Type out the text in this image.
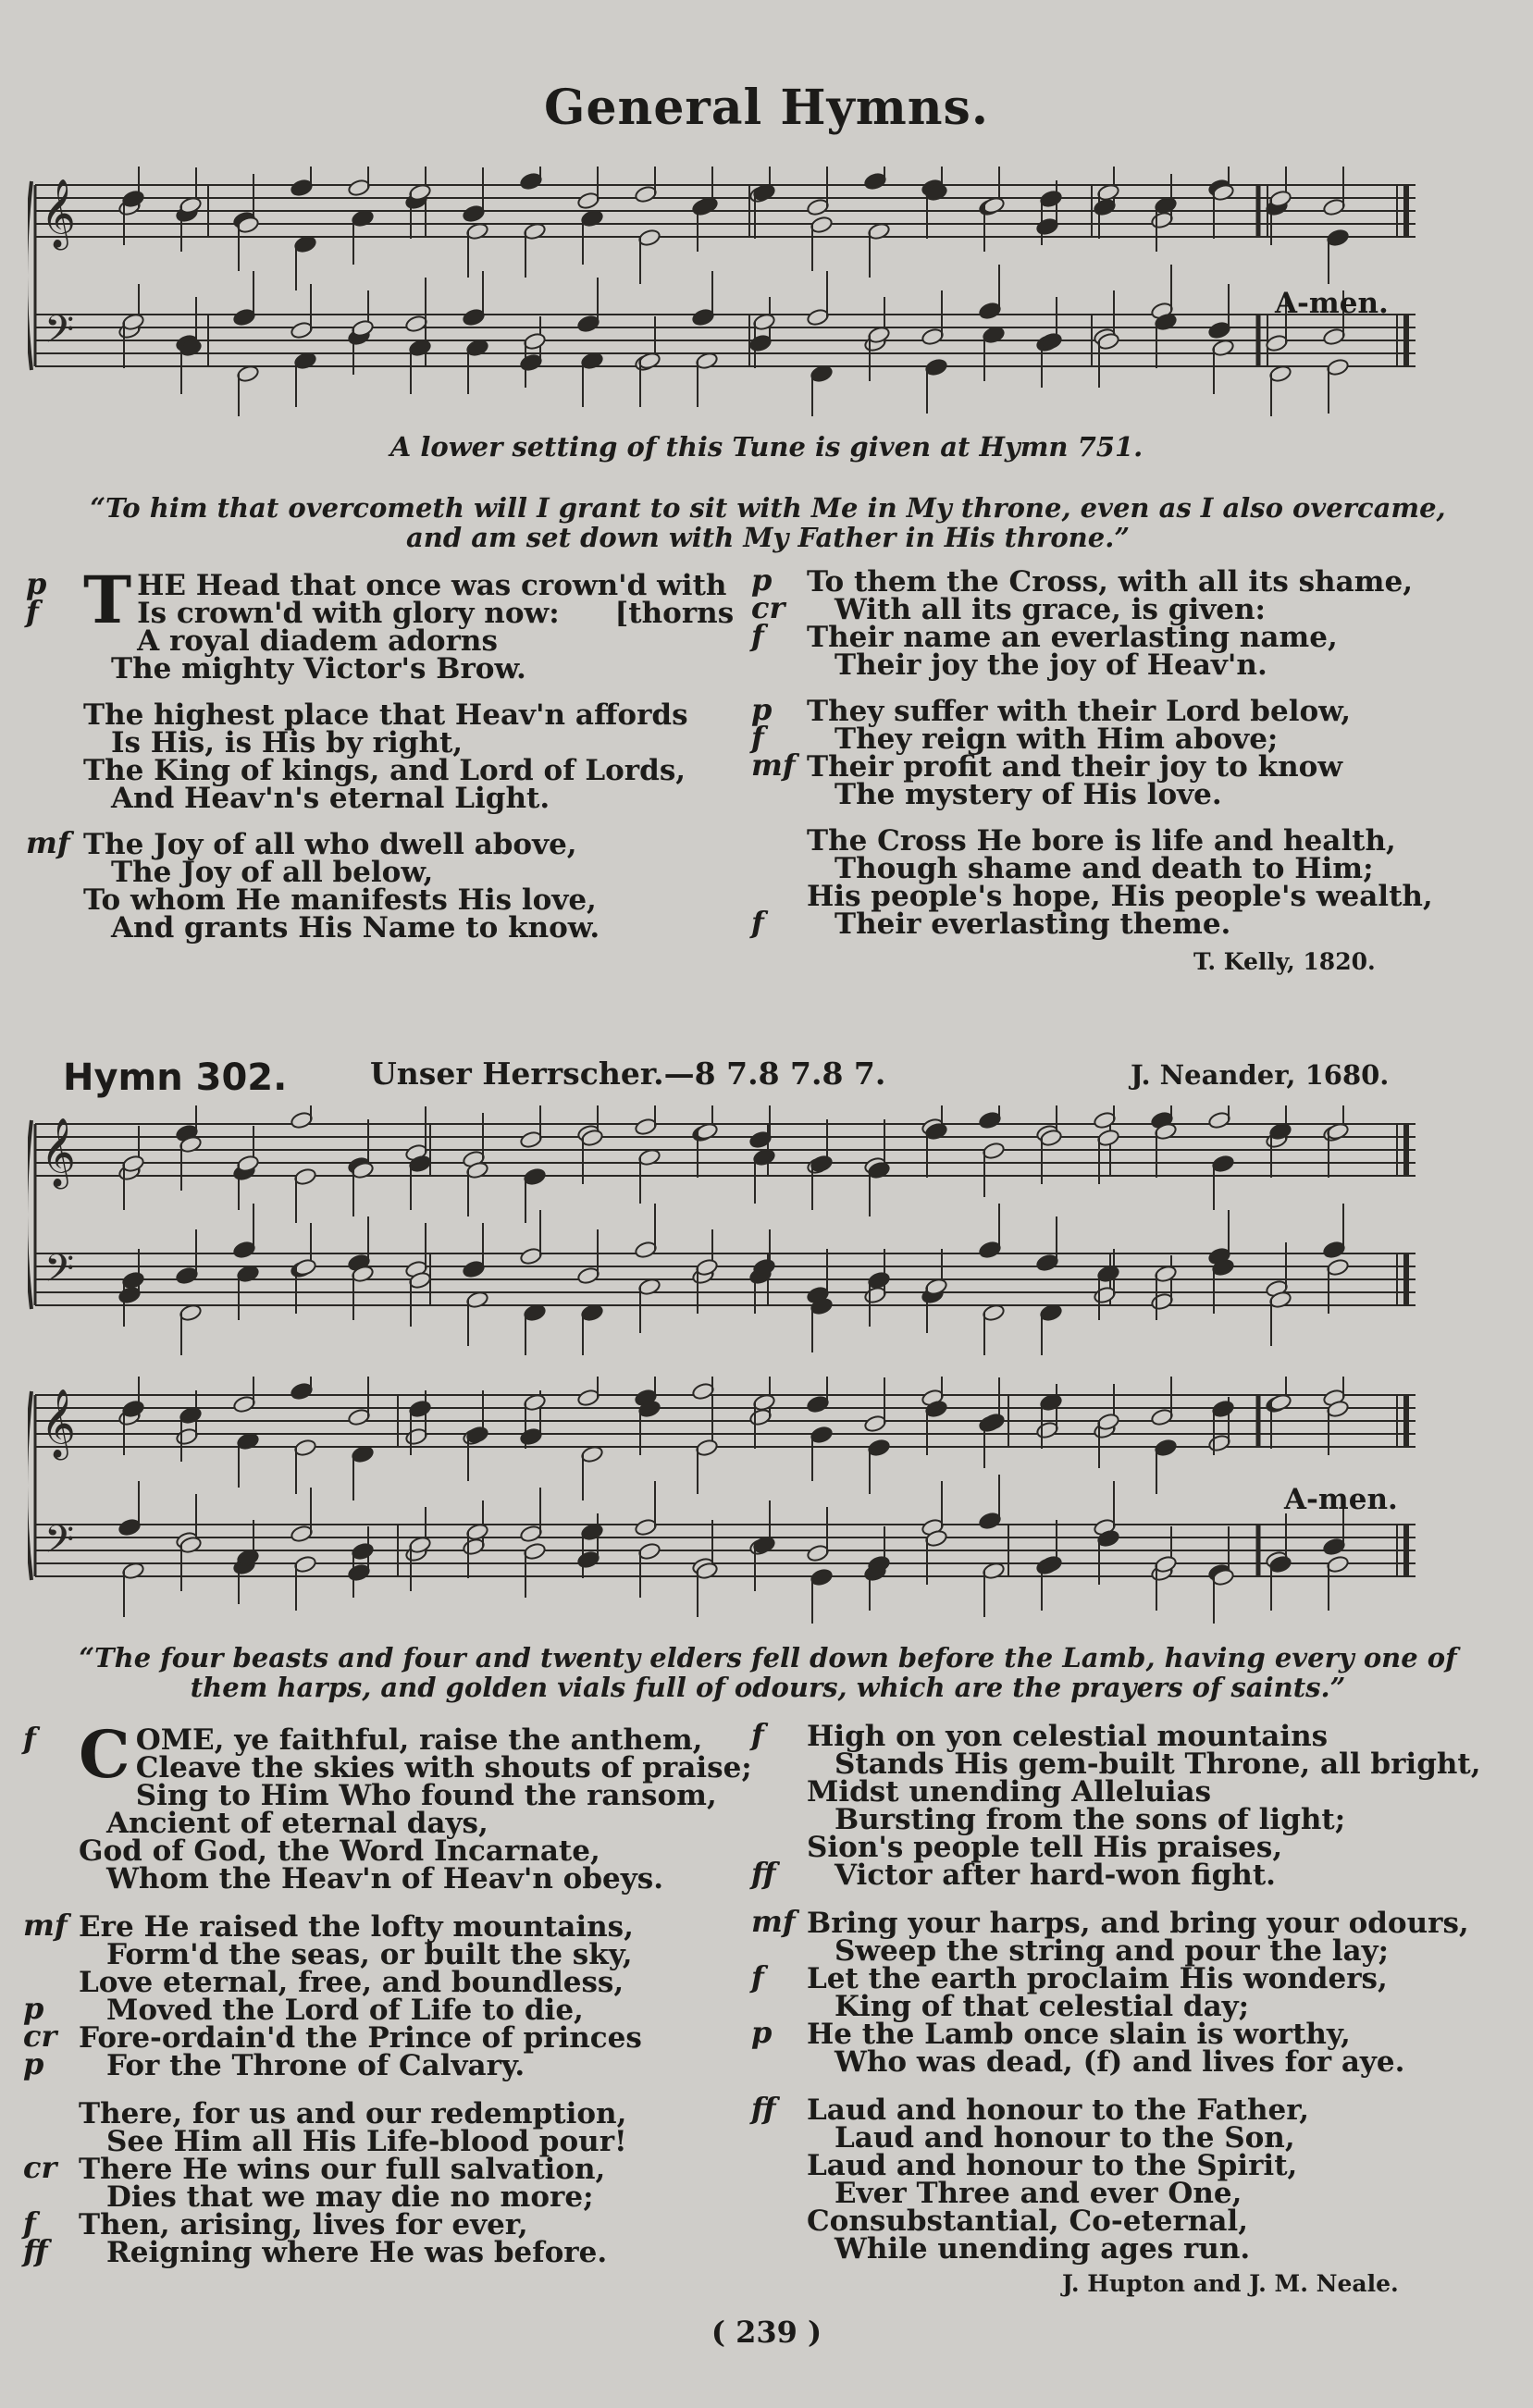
General Hymns.
𝄞
𝄢
A-men.
A lower setting of this Tune is given at Hymn 751.
“To him that overcometh will I grant to sit with Me in My throne, even as I also overcame,
and am set down with My Father in His throne.”
p T HE Head that once was crown'd with
f	Is crown'd with glory now: [thorns
A royal diadem adorns
The mighty Victor's Brow.
The highest place that Heav'n affords
Is His, is His by right,
The King of kings, and Lord of Lords,
And Heav'n's eternal Light.
mf The Joy of all who dwell above,
The Joy of all below,
To whom He manifests His love,
And grants His Name to know.
p To them the Cross, with all its shame,
cr With all its grace, is given:
f Their name an everlasting name,
Their joy the joy of Heav'n.
p They suffer with their Lord below,
f They reign with Him above;
mf Their profit and their joy to know
The mystery of His love.
The Cross He bore is life and health,
Though shame and death to Him;
His people's hope, His people's wealth,
f Their everlasting theme.
T. Kelly, 1820.
Hymn 302.	Unser Herrscher.—8 7.8 7.8 7.	J. Neander, 1680.
𝄞
𝄢
𝄞
𝄢
A-men.
“The four beasts and four and twenty elders fell down before the Lamb, having every one of
them harps, and golden vials full of odours, which are the prayers of saints.”
f C OME, ye faithful, raise the anthem,
Cleave the skies with shouts of praise;
Sing to Him Who found the ransom,
Ancient of eternal days,
God of God, the Word Incarnate,
Whom the Heav'n of Heav'n obeys.
mf Ere He raised the lofty mountains,
Form'd the seas, or built the sky,
Love eternal, free, and boundless,
p Moved the Lord of Life to die,
cr Fore-ordain'd the Prince of princes
p For the Throne of Calvary.
There, for us and our redemption,
See Him all His Life-blood pour!
cr There He wins our full salvation,
Dies that we may die no more;
f Then, arising, lives for ever,
ff Reigning where He was before.
f High on yon celestial mountains
Stands His gem-built Throne, all bright,
Midst unending Alleluias
Bursting from the sons of light;
Sion's people tell His praises,
ff Victor after hard-won fight.
mf Bring your harps, and bring your odours,
Sweep the string and pour the lay;
f Let the earth proclaim His wonders,
King of that celestial day;
p He the Lamb once slain is worthy,
Who was dead, (f) and lives for aye.
ff Laud and honour to the Father,
Laud and honour to the Son,
Laud and honour to the Spirit,
Ever Three and ever One,
Consubstantial, Co-eternal,
While unending ages run.
J. Hupton and J. M. Neale.
( 239 )
